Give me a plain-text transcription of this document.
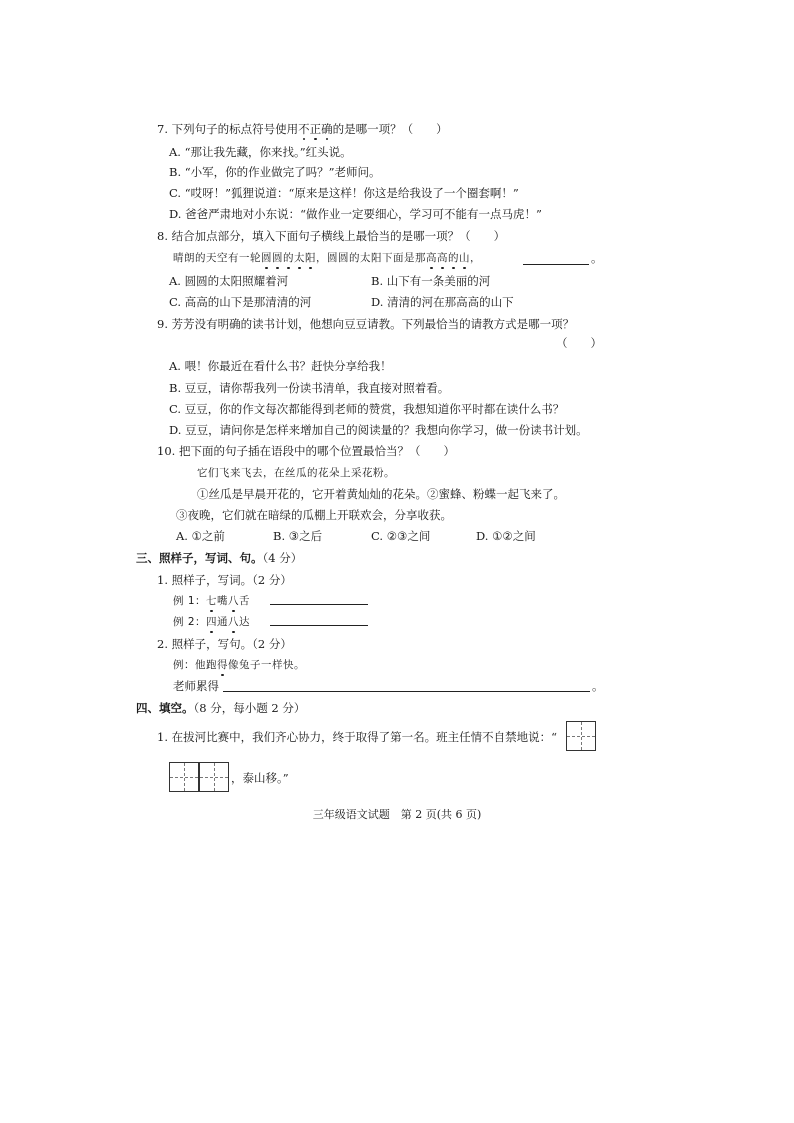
7. 下列句子的标点符号使用不正确的是哪一项？（　　）
A. “那让我先藏，你来找。”红头说。
B. “小军，你的作业做完了吗？”老师问。
C. “哎呀！”狐狸说道：“原来是这样！你这是给我设了一个圈套啊！”
D. 爸爸严肃地对小东说：“做作业一定要细心，学习可不能有一点马虎！”
8. 结合加点部分，填入下面句子横线上最恰当的是哪一项？（　　）
晴朗的天空有一轮圆圆的太阳，圆圆的太阳下面是那高高的山，	。
A. 圆圆的太阳照耀着河	B. 山下有一条美丽的河
C. 高高的山下是那清清的河	D. 清清的河在那高高的山下
9. 芳芳没有明确的读书计划，他想向豆豆请教。下列最恰当的请教方式是哪一项？
（　　）
A. 喂！你最近在看什么书？赶快分享给我！
B. 豆豆，请你帮我列一份读书清单，我直接对照着看。
C. 豆豆，你的作文每次都能得到老师的赞赏，我想知道你平时都在读什么书？
D. 豆豆，请问你是怎样来增加自己的阅读量的？我想向你学习，做一份读书计划。
10. 把下面的句子插在语段中的哪个位置最恰当？（　　）
它们飞来飞去，在丝瓜的花朵上采花粉。
①丝瓜是早晨开花的，它开着黄灿灿的花朵。②蜜蜂、粉蝶一起飞来了。
③夜晚，它们就在暗绿的瓜棚上开联欢会，分享收获。
A. ①之前	B. ③之后	C. ②③之间	D. ①②之间
三、照样子，写词、句。（4 分）
1. 照样子，写词。（2 分）
例 1：七嘴八舌
例 2：四通八达
2. 照样子，写句。（2 分）
例：他跑得像兔子一样快。
老师累得	。
四、填空。（8 分，每小题 2 分）
1. 在拔河比赛中，我们齐心协力，终于取得了第一名。班主任情不自禁地说：“
，泰山移。”
三年级语文试题　第 2 页(共 6 页)
